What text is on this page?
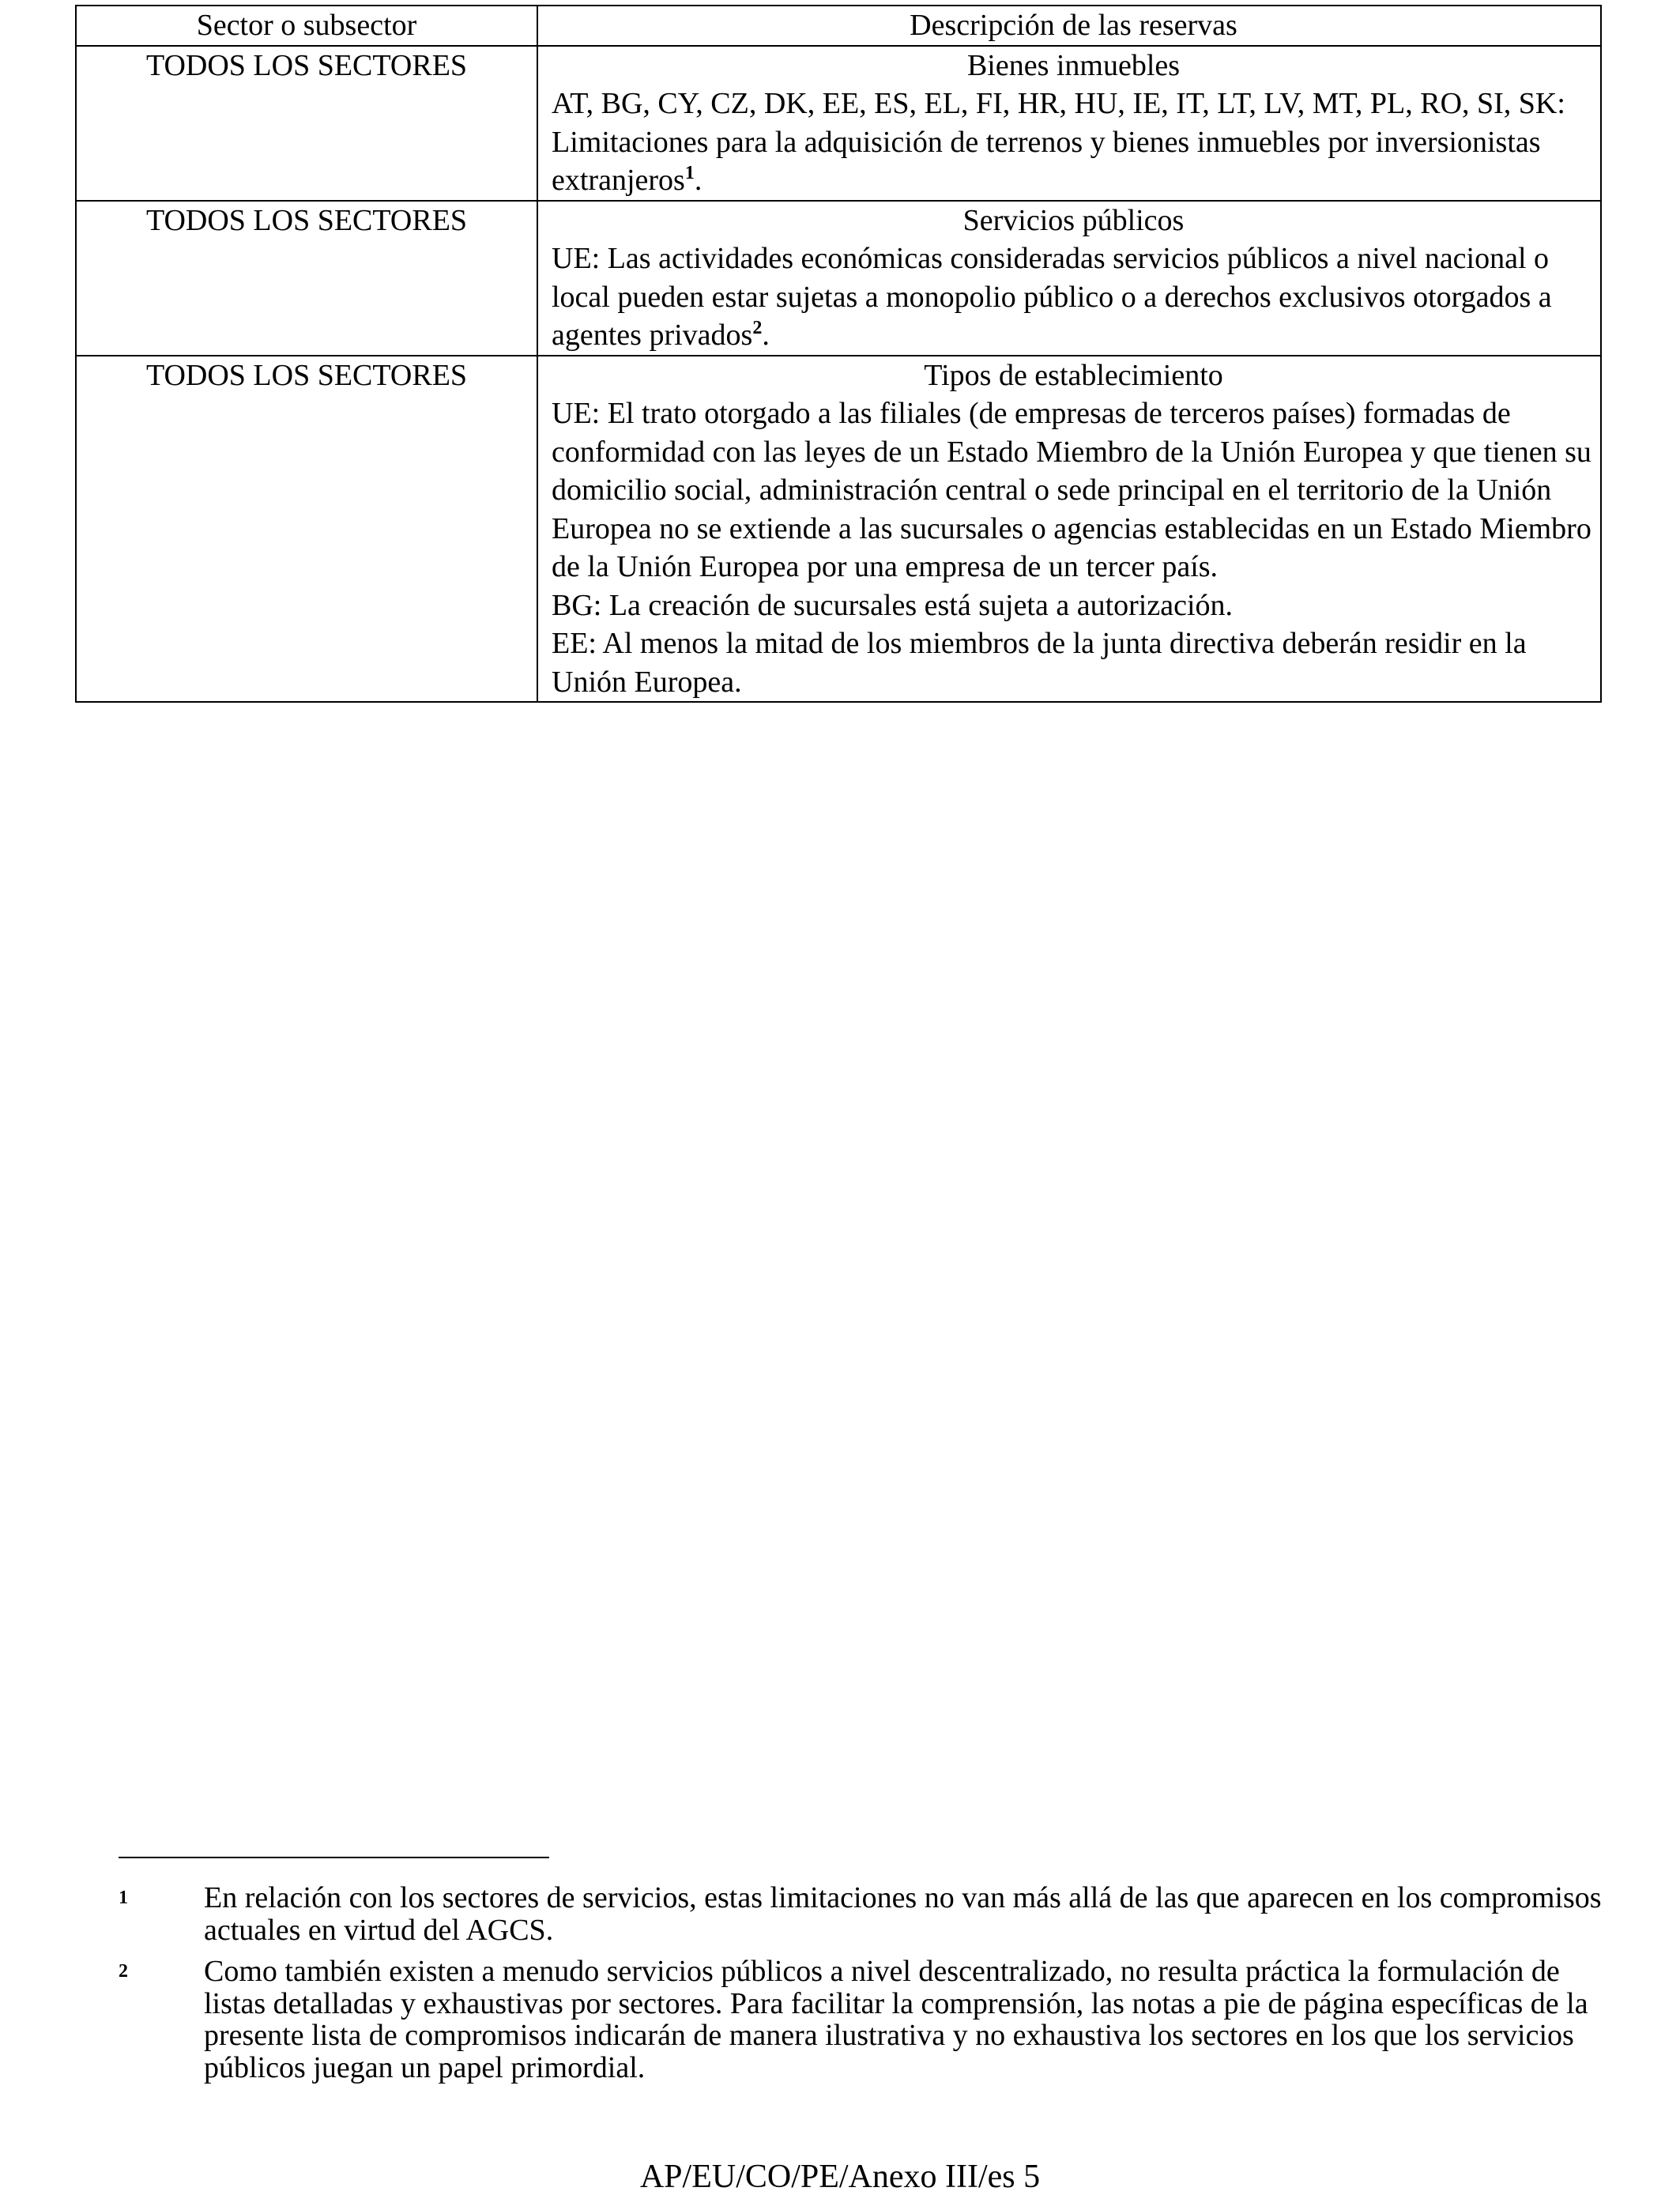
Sector o subsector	Descripción de las reservas
TODOS LOS SECTORES	Bienes inmuebles
AT, BG, CY, CZ, DK, EE, ES, EL, FI, HR, HU, IE, IT, LT, LV, MT, PL, RO, SI, SK: Limitaciones para la adquisición de terrenos y bienes inmuebles por inversionistas extranjeros$^1$.

TODOS LOS SECTORES	Servicios públicos
UE: Las actividades económicas consideradas servicios públicos a nivel nacional o local pueden estar sujetas a monopolio público o a derechos exclusivos otorgados a agentes privados$^2$.

TODOS LOS SECTORES	Tipos de establecimiento
UE: El trato otorgado a las filiales (de empresas de terceros países) formadas de conformidad con las leyes de un Estado Miembro de la Unión Europea y que tienen su domicilio social, administración central o sede principal en el territorio de la Unión Europea no se extiende a las sucursales o agencias establecidas en un Estado Miembro de la Unión Europea por una empresa de un tercer país.
BG: La creación de sucursales está sujeta a autorización.
EE: Al menos la mitad de los miembros de la junta directiva deberán residir en la Unión Europea.
1	En relación con los sectores de servicios, estas limitaciones no van más allá de las que aparecen en los compromisos actuales en virtud del AGCS.
2	Como también existen a menudo servicios públicos a nivel descentralizado, no resulta práctica la formulación de listas detalladas y exhaustivas por sectores. Para facilitar la comprensión, las notas a pie de página específicas de la presente lista de compromisos indicarán de manera ilustrativa y no exhaustiva los sectores en los que los servicios públicos juegan un papel primordial.
AP/EU/CO/PE/Anexo III/es 5
